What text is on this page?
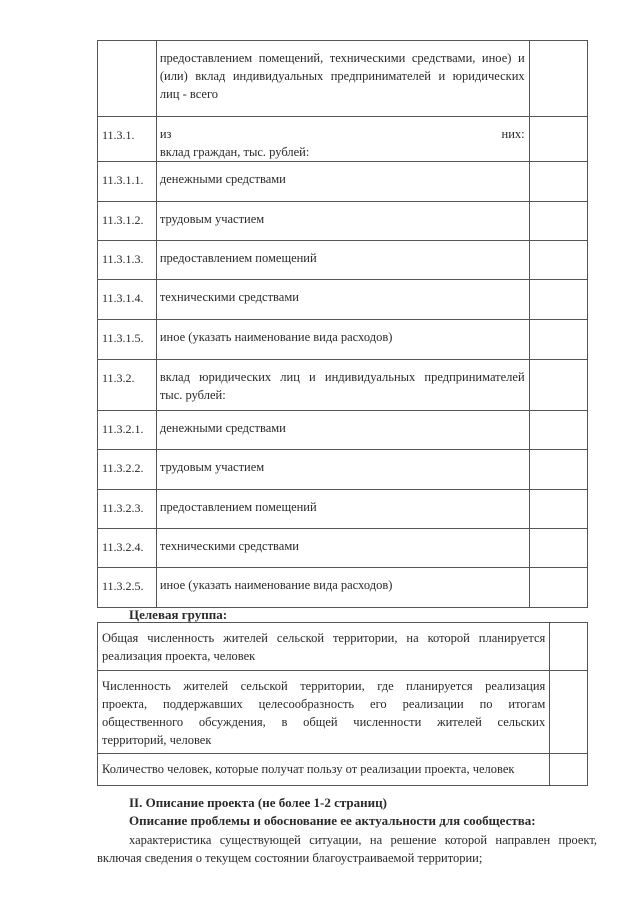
	предоставлением помещений, техническими средствами, иное) и
(или) вклад индивидуальных предпринимателей и юридических
лиц - всего	

11.3.1.	из них:
вклад граждан, тыс. рублей:	

11.3.1.1.	денежными средствами	

11.3.1.2.	трудовым участием	

11.3.1.3.	предоставлением помещений	

11.3.1.4.	техническими средствами	

11.3.1.5.	иное (указать наименование вида расходов)	

11.3.2.	вклад юридических лиц и индивидуальных предпринимателей
тыс. рублей:	

11.3.2.1.	денежными средствами	

11.3.2.2.	трудовым участием	

11.3.2.3.	предоставлением помещений	

11.3.2.4.	техническими средствами	

11.3.2.5.	иное (указать наименование вида расходов)	

Целевая группа:
Общая численность жителей сельской территории, на которой планируется
реализация проекта, человек	

Численность жителей сельской территории, где планируется реализация
проекта, поддержавших целесообразность его реализации по итогам
общественного обсуждения, в общей численности жителей сельских
территорий, человек	

Количество человек, которые получат пользу от реализации проекта, человек	

II. Описание проекта (не более 1-2 страниц)
Описание проблемы и обоснование ее актуальности для сообщества:
характеристика существующей ситуации, на решение которой направлен проект, включая сведения о текущем состоянии благоустраиваемой территории;
